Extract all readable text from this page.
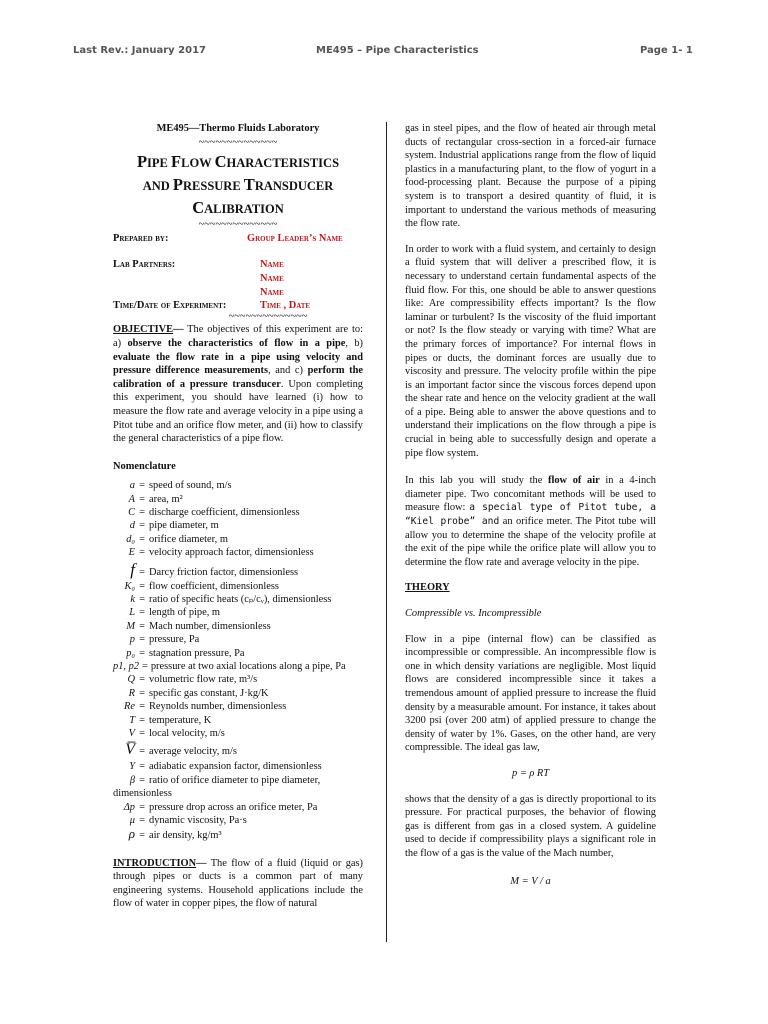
Last Rev.: January 2017	ME495 – Pipe Characteristics	Page 1- 1
ME495—Thermo Fluids Laboratory
~~~~~~~~~~~~~~
PIPE FLOW CHARACTERISTICS
AND PRESSURE TRANSDUCER
CALIBRATION
~~~~~~~~~~~~~~
Prepared by:	Group Leader’s Name
Lab Partners:	Name
Name
Name
Time/Date of Experiment:	Time , Date
~~~~~~~~~~~~~~

OBJECTIVE— The objectives of this experiment are to: a) observe the characteristics of flow in a pipe, b) evaluate the flow rate in a pipe using velocity and pressure difference measurements, and c) perform the calibration of a pressure transducer. Upon completing this experiment, you should have learned (i) how to measure the flow rate and average velocity in a pipe using a Pitot tube and an orifice flow meter, and (ii) how to classify the general characteristics of a pipe flow.

Nomenclature
a = speed of sound, m/s
A = area, m²
C = discharge coefficient, dimensionless
d = pipe diameter, m
d₀ = orifice diameter, m
E = velocity approach factor, dimensionless
f = Darcy friction factor, dimensionless
K₀ = flow coefficient, dimensionless
k = ratio of specific heats (cₚ/cᵥ), dimensionless
L = length of pipe, m
M = Mach number, dimensionless
p = pressure, Pa
p₀ = stagnation pressure, Pa
p1, p2 = pressure at two axial locations along a pipe, Pa
Q = volumetric flow rate, m³/s
R = specific gas constant, J·kg/K
Re = Reynolds number, dimensionless
T = temperature, K
V = local velocity, m/s
V̅ = average velocity, m/s
Y = adiabatic expansion factor, dimensionless
β = ratio of orifice diameter to pipe diameter, dimensionless
Δp = pressure drop across an orifice meter, Pa
μ = dynamic viscosity, Pa·s
ρ = air density, kg/m³

INTRODUCTION— The flow of a fluid (liquid or gas) through pipes or ducts is a common part of many engineering systems. Household applications include the flow of water in copper pipes, the flow of natural

gas in steel pipes, and the flow of heated air through metal ducts of rectangular cross-section in a forced-air furnace system. Industrial applications range from the flow of liquid plastics in a manufacturing plant, to the flow of yogurt in a food-processing plant. Because the purpose of a piping system is to transport a desired quantity of fluid, it is important to understand the various methods of measuring the flow rate.

In order to work with a fluid system, and certainly to design a fluid system that will deliver a prescribed flow, it is necessary to understand certain fundamental aspects of the fluid flow. For this, one should be able to answer questions like: Are compressibility effects important? Is the flow laminar or turbulent? Is the viscosity of the fluid important or not? Is the flow steady or varying with time? What are the primary forces of importance? For internal flows in pipes or ducts, the dominant forces are usually due to viscosity and pressure. The velocity profile within the pipe is an important factor since the viscous forces depend upon the shear rate and hence on the velocity gradient at the wall of a pipe. Being able to answer the above questions and to understand their implications on the flow through a pipe is crucial in being able to successfully design and operate a pipe flow system.

In this lab you will study the flow of air in a 4-inch diameter pipe. Two concomitant methods will be used to measure flow: a special type of Pitot tube, a “Kiel probe” and an orifice meter. The Pitot tube will allow you to determine the shape of the velocity profile at the exit of the pipe while the orifice plate will allow you to determine the flow rate and average velocity in the pipe.

THEORY
Compressible vs. Incompressible

Flow in a pipe (internal flow) can be classified as incompressible or compressible. An incompressible flow is one in which density variations are negligible. Most liquid flows are considered incompressible since it takes a tremendous amount of applied pressure to increase the fluid density by a measurable amount. For instance, it takes about 3200 psi (over 200 atm) of applied pressure to change the density of water by 1%. Gases, on the other hand, are very compressible. The ideal gas law,

p = ρ RT

shows that the density of a gas is directly proportional to its pressure. For practical purposes, the behavior of flowing gas is different from gas in a closed system. A guideline used to decide if compressibility plays a significant role in the flow of a gas is the value of the Mach number,

M = V / a
